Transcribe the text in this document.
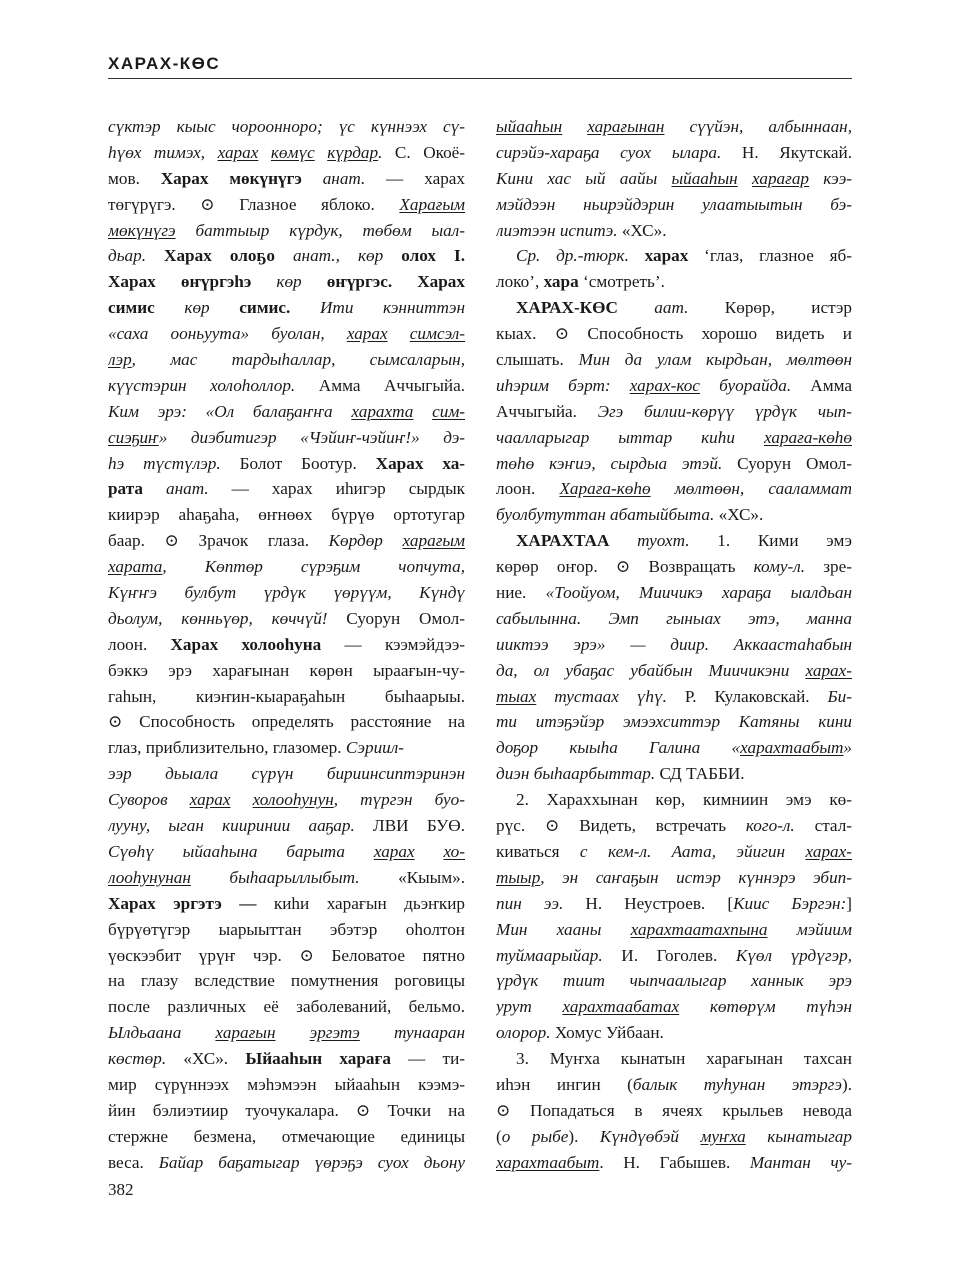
ХАРАХ-КӨС
сүктэр кыыс чороонноро; үс күннээх сү-
һүөх тимэх, харах көмүс күрдар. С. Окоё-
мов. Харах мөкүнүгэ анат. — харах
төгүрүгэ. ⊙ Глазное яблоко. Харағым
мөкүнүгэ баттыыр күрдук, төбөм ыал-
дьар. Харах олоҕо анат., көр олох I.
Харах өҥүргэһэ көр өҥүргэс. Харах
симис көр симис. Ити кэнниттэн
«саха ооньуута» буолан, харах симсэл-
лэр, мас тардыһаллар, сымсаларын,
күүстэрин холоһоллор. Амма Аччыгыйа.
Ким эрэ: «Ол балаҕаҥҥа харахта сим-
сиэҕиҥ» диэбитигэр «Чэйиҥ-чэйиҥ!» дэ-
һэ түстүлэр. Болот Боотур. Харах ха-
рата анат. — харах иһигэр сырдык
киирэр аһаҕаһа, өҥнөөх бүрүө ортотугар
баар. ⊙ Зрачок глаза. Көрдөр харағым
харата, Көптөр сүрэҕим чопчута,
Күҥҥэ булбут үрдүк үөрүүм, Күндү
дьолум, көнньүөр, көччүй! Суорун Омол-
лоон. Харах холооһуна — кээмэйдээ-
бэккэ эрэ харағынан көрөн ыраағын-чу-
гаһын, киэҥин-кыараҕаһын быһаарыы.
⊙ Способность определять расстояние на
глаз, приблизительно, глазомер. Сэриил-
ээр дьыала сүрүн бириинсиптэринэн
Суворов харах холооһунун, түргэн буо-
лууну, ыган кииринии ааҕар. ЛВИ БУӨ.
Сүөһү ыйааһына барыта харах хо-
лооһунунан быһаарыллыбыт. «Кыым».
Харах эргэтэ — киһи харағын дьэҥкир
бүрүөтүгэр ыарыыттан эбэтэр оһолтон
үөскээбит үрүҥ чэр. ⊙ Беловатое пятно
на глазу вследствие помутнения роговицы
после различных её заболеваний, бельмо.
Ылдьаана харағын эргэтэ тунааран
көстөр. «ХС». Ыйааһын харағa — ти-
мир сүрүннээх мэһэмээн ыйааһын кээмэ-
йин бэлиэтиир туочукалара. ⊙ Точки на
стержне безмена, отмечающие единицы
веса. Байар баҕатыгар үөрэҕэ суох дьону
ыйааһын харағынан сүүйэн, албыннаан,
сирэйэ-хараҕа суох ылара. Н. Якутскай.
Кини хас ый аайы ыйааһын харағар кээ-
мэйдээн ньирэйдэрин улаатыытын бэ-
лиэтээн испитэ. «ХС».
Ср. др.-тюрк. харах ‘глаз, глазное яб-
локо’, хара ‘смотреть’.
ХАРАХ-КӨС аат. Көрөр, истэр
кыах. ⊙ Способность хорошо видеть и
слышать. Мин да улам кырдьан, мөлтөөн
иһэрим бэрт: харах-кос буорайда. Амма
Аччыгыйа. Эгэ билии-көрүү үрдүк чып-
чаалларыгар ыттар киһи харағa-көһө
төһө кэҥиэ, сырдыа этэй. Суорун Омол-
лоон. Харағa-көһө мөлтөөн, сааламмат
буолбутуттан абатыйбыта. «ХС».
ХАРАХТАА туохт. 1. Кими эмэ
көрөр оҥор. ⊙ Возвращать кому-л. зре-
ние. «Тоойуом, Миичикэ хараҕа ыалдьан
сабылынна. Эмп гыныах этэ, манна
ииктээ эрэ» — диир. Аккаастаһабын
да, ол убаҕас убайбын Миичикэни харах-
тыах тустаах үһү. Р. Кулаковскай. Би-
ти итэҕэйэр эмээхситтэр Катяны кини
доҕор кыыһа Галина «харахтаабыт»
диэн быһаарбыттар. СД ТАББИ.
2. Хараххынан көр, кимниин эмэ кө-
рүс. ⊙ Видеть, встречать кого-л. стал-
киваться с кем-л. Аата, эйигин харах-
тыыр, эн саҥаҕын истэр күннэрэ эбип-
пин ээ. Н. Неустроев. [Киис Бэргэн:]
Мин хааны харахтаатахпына мэйиим
туймаарыйар. И. Гоголев. Күөл үрдүгэр,
үрдүк тиит чыпчаалыгар ханнык эрэ
урут харахтаабатах көтөрүм түһэн
олорор. Хомус Уйбаан.
3. Муҥха кынатын харағынан тахсан
иһэн ингин (балык туһунан этэргэ).
⊙ Попадаться в ячеях крыльев невода
(о рыбе). Күндүөбэй муҥха кынатыгар
харахтаабыт. Н. Габышев. Мантан чу-
382
